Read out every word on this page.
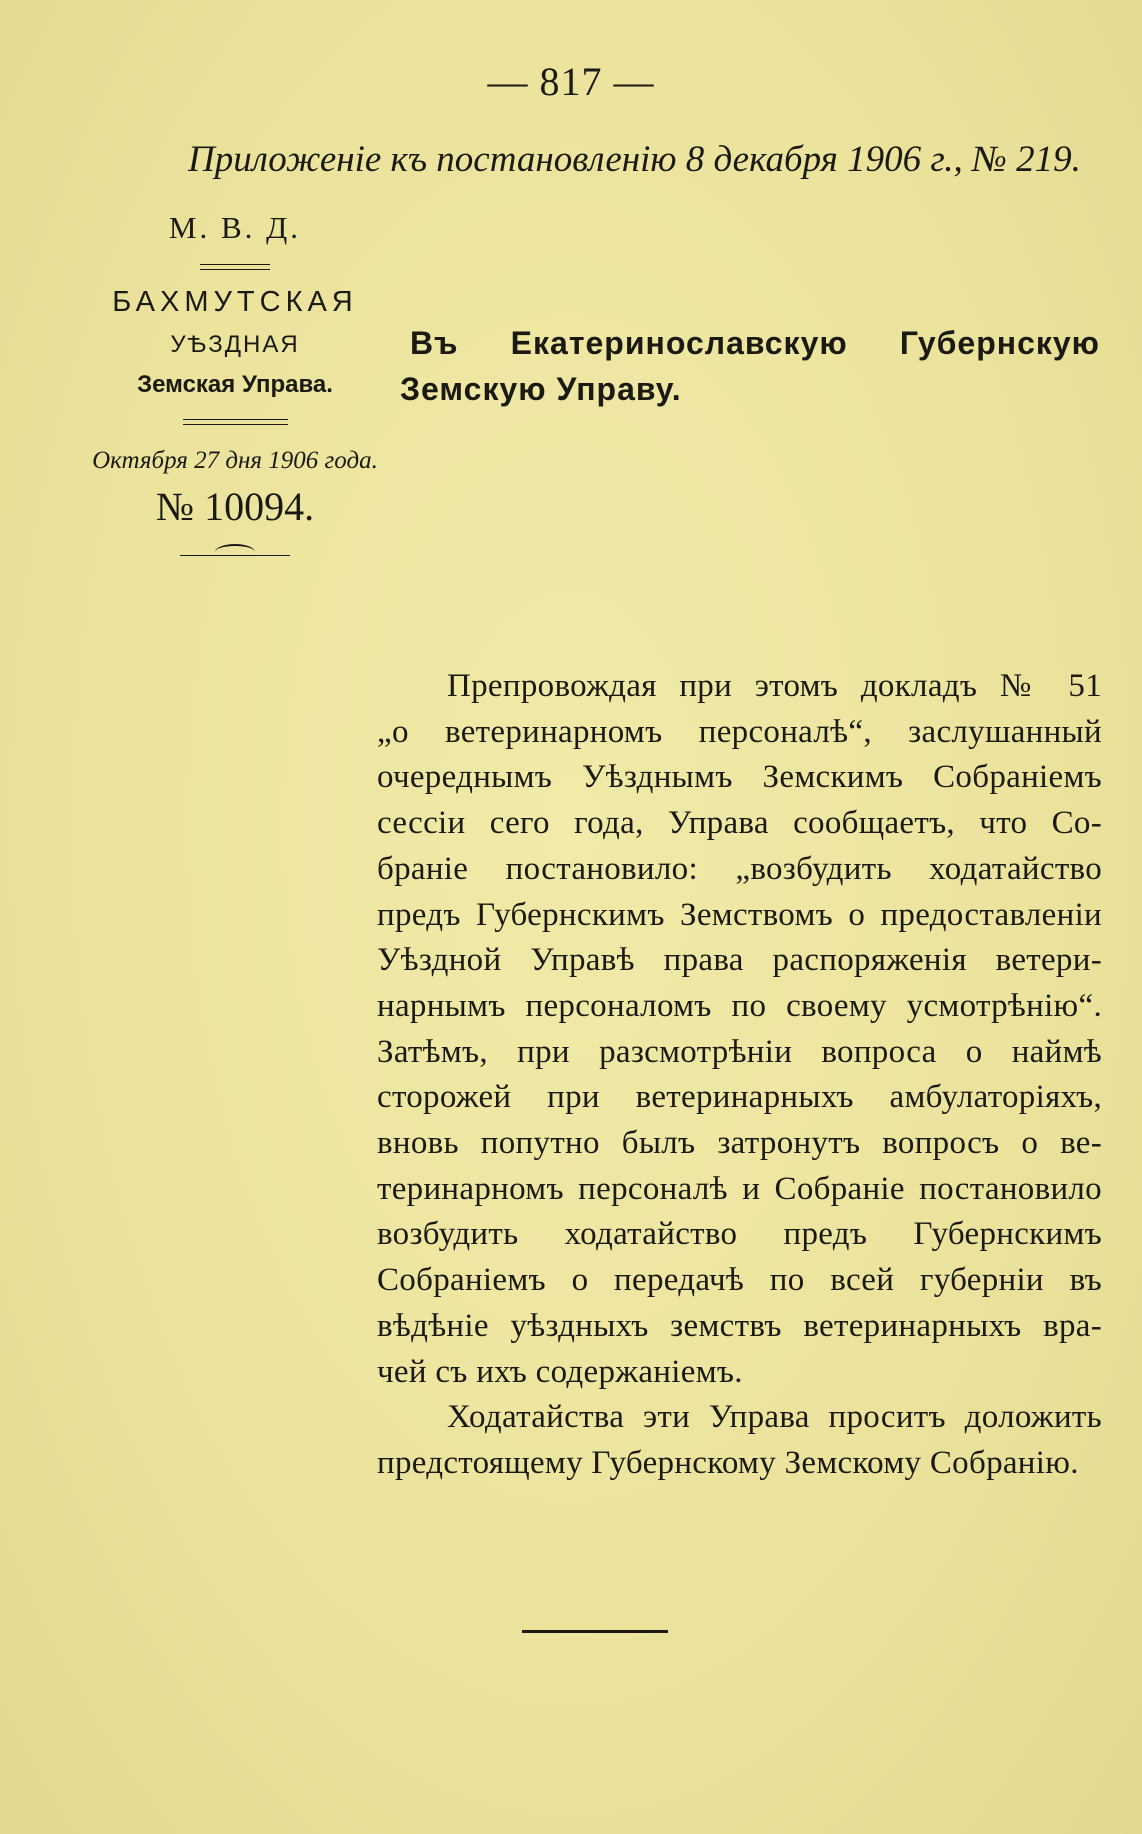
— 817 —
Приложеніе къ постановленію 8 декабря 1906 г., № 219.
М. В. Д.
БАХМУТСКАЯ
УѢЗДНАЯ
Земская Управа.
Октября 27 дня 1906 года.
№ 10094.
Въ Екатеринославскую Губернскую
Земскую Управу.
Препровождая при этомъ докладъ № 51
„о ветеринарномъ персоналѣ“, заслушанный
очереднымъ Уѣзднымъ Земскимъ Собраніемъ
сессіи сего года, Управа сообщаетъ, что Со-
браніе постановило: „возбудить ходатайство
предъ Губернскимъ Земствомъ о предоставленіи
Уѣздной Управѣ права распоряженія ветери-
нарнымъ персоналомъ по своему усмотрѣнію“.
Затѣмъ, при разсмотрѣніи вопроса о наймѣ
сторожей при ветеринарныхъ амбулаторіяхъ,
вновь попутно былъ затронутъ вопросъ о ве-
теринарномъ персоналѣ и Собраніе постановило
возбудить ходатайство предъ Губернскимъ
Собраніемъ о передачѣ по всей губерніи въ
вѣдѣніе уѣздныхъ земствъ ветеринарныхъ вра-
чей съ ихъ содержаніемъ.
Ходатайства эти Управа проситъ доложить
предстоящему Губернскому Земскому Собранію.
